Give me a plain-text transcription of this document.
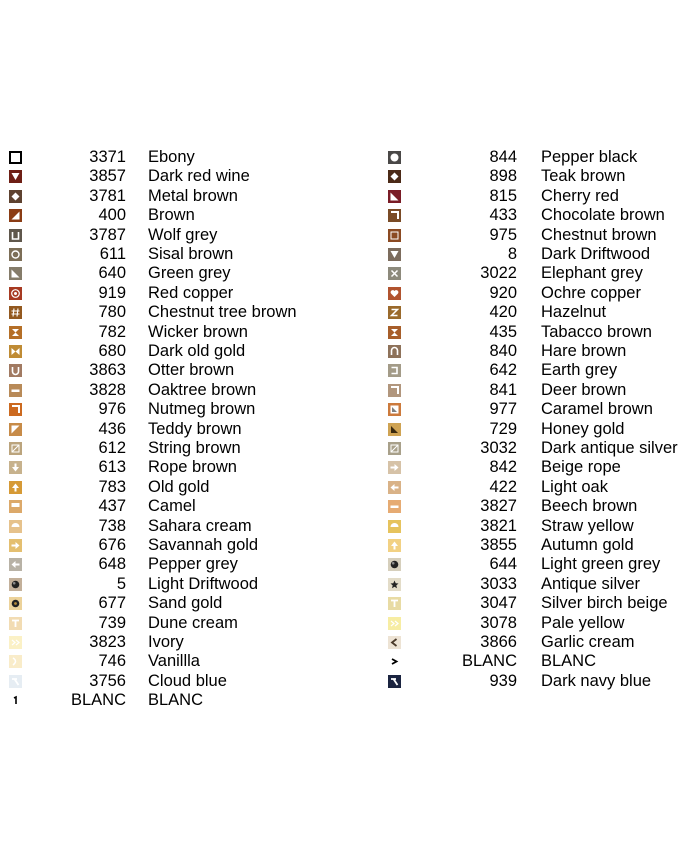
3371 Ebony
3857 Dark red wine
3781 Metal brown
400 Brown
3787 Wolf grey
611 Sisal brown
640 Green grey
919 Red copper
780 Chestnut tree brown
782 Wicker brown
680 Dark old gold
3863 Otter brown
3828 Oaktree brown
976 Nutmeg brown
436 Teddy brown
612 String brown
613 Rope brown
783 Old gold
437 Camel
738 Sahara cream
676 Savannah gold
648 Pepper grey
5 Light Driftwood
677 Sand gold
739 Dune cream
3823 Ivory
746 Vanillla
3756 Cloud blue
BLANC BLANC
844 Pepper black
898 Teak brown
815 Cherry red
433 Chocolate brown
975 Chestnut brown
8 Dark Driftwood
3022 Elephant grey
920 Ochre copper
420 Hazelnut
435 Tabacco brown
840 Hare brown
642 Earth grey
841 Deer brown
977 Caramel brown
729 Honey gold
3032 Dark antique silver
842 Beige rope
422 Light oak
3827 Beech brown
3821 Straw yellow
3855 Autumn gold
644 Light green grey
3033 Antique silver
3047 Silver birch beige
3078 Pale yellow
3866 Garlic cream
BLANC BLANC
939 Dark navy blue
